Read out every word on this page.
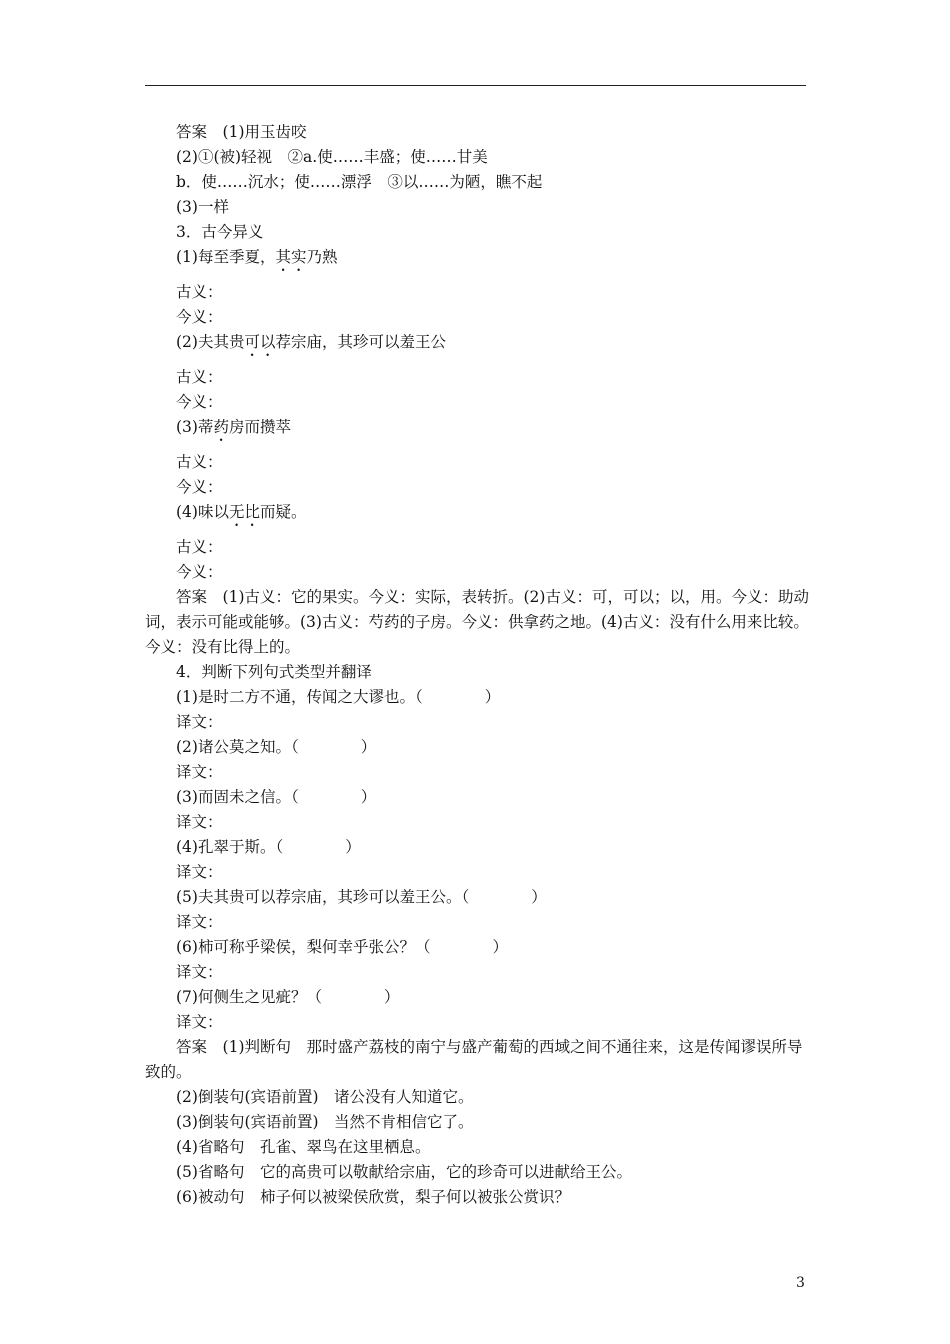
答案　 (1)用玉齿咬
(2)①(被)轻视　②a.使……丰盛；使……甘美
b．使……沉水；使……漂浮　③以……为陋，瞧不起
(3)一样
3．古今异义
(1)每至季夏，其实乃熟
古义：
今义：
(2)夫其贵可以荐宗庙，其珍可以羞王公
古义：
今义：
(3)蒂药房而攒萃
古义：
今义：
(4)味以无比而疑。
古义：
今义：
答案　 (1)古义：它的果实。今义：实际，表转折。(2)古义：可，可以；以，用。今义：助动词，表示可能或能够。(3)古义：芍药的子房。今义：供拿药之地。(4)古义：没有什么用来比较。今义：没有比得上的。
4．判断下列句式类型并翻译
(1)是时二方不通，传闻之大谬也。（	）
译文：
(2)诸公莫之知。（	）
译文：
(3)而固未之信。（	）
译文：
(4)孔翠于斯。（	）
译文：
(5)夫其贵可以荐宗庙，其珍可以羞王公。（	）
译文：
(6)柿可称乎梁侯，梨何幸乎张公？（	）
译文：
(7)何侧生之见疵？（	）
译文：
答案　 (1)判断句　那时盛产荔枝的南宁与盛产葡萄的西域之间不通往来，这是传闻谬误所导致的。
(2)倒装句(宾语前置)　诸公没有人知道它。
(3)倒装句(宾语前置)　当然不肯相信它了。
(4)省略句　孔雀、翠鸟在这里栖息。
(5)省略句　它的高贵可以敬献给宗庙，它的珍奇可以进献给王公。
(6)被动句　柿子何以被梁侯欣赏，梨子何以被张公赏识？
3
